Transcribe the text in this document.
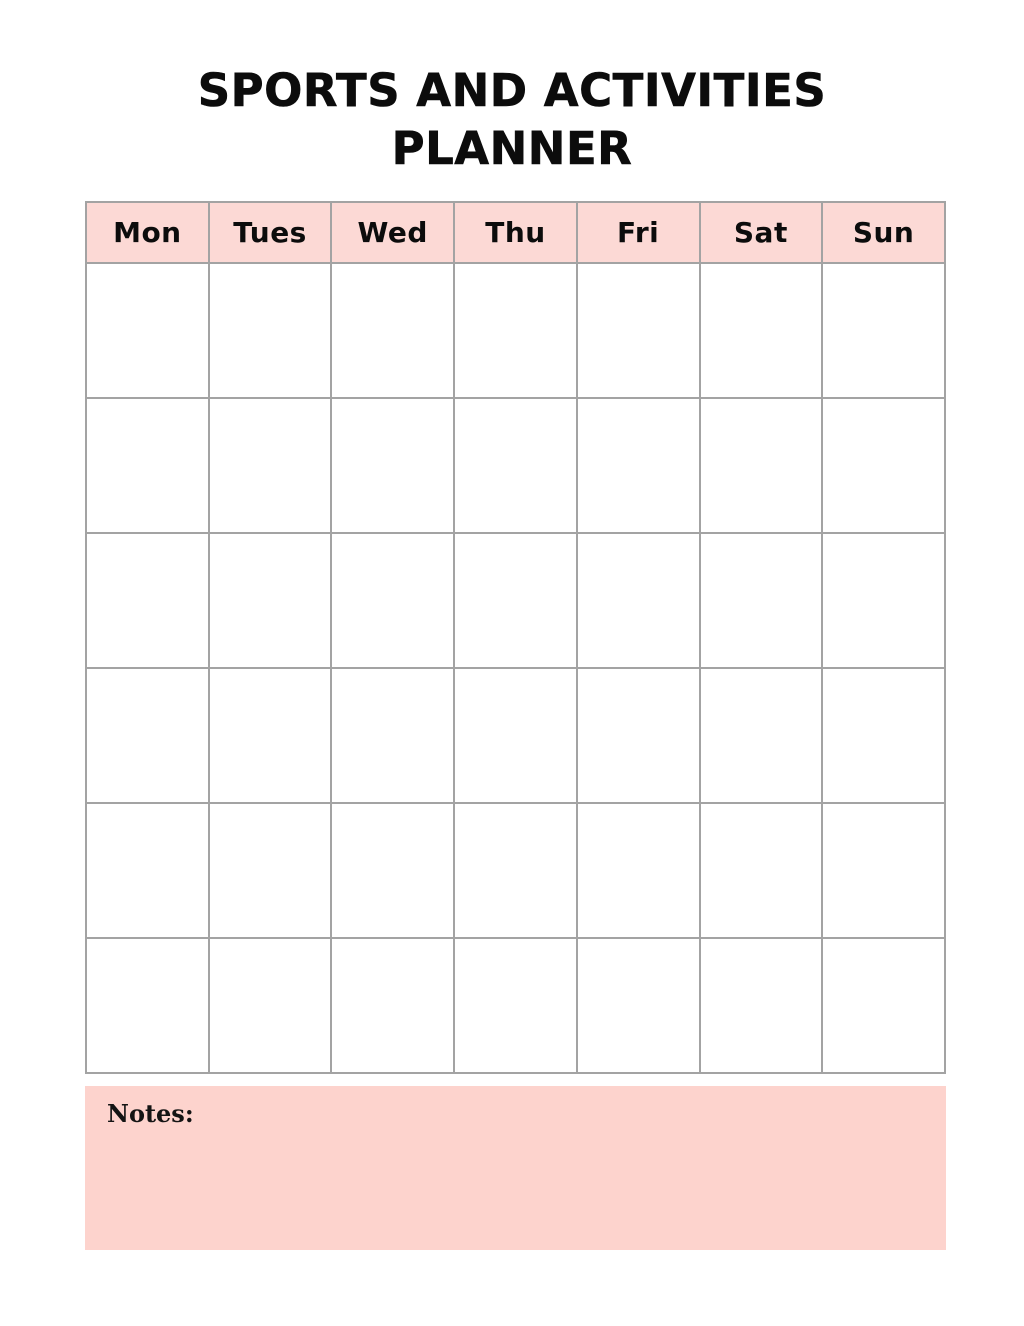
SPORTS AND ACTIVITIES
PLANNER
Mon	Tues	Wed	Thu	Fri	Sat	Sun

Notes:
